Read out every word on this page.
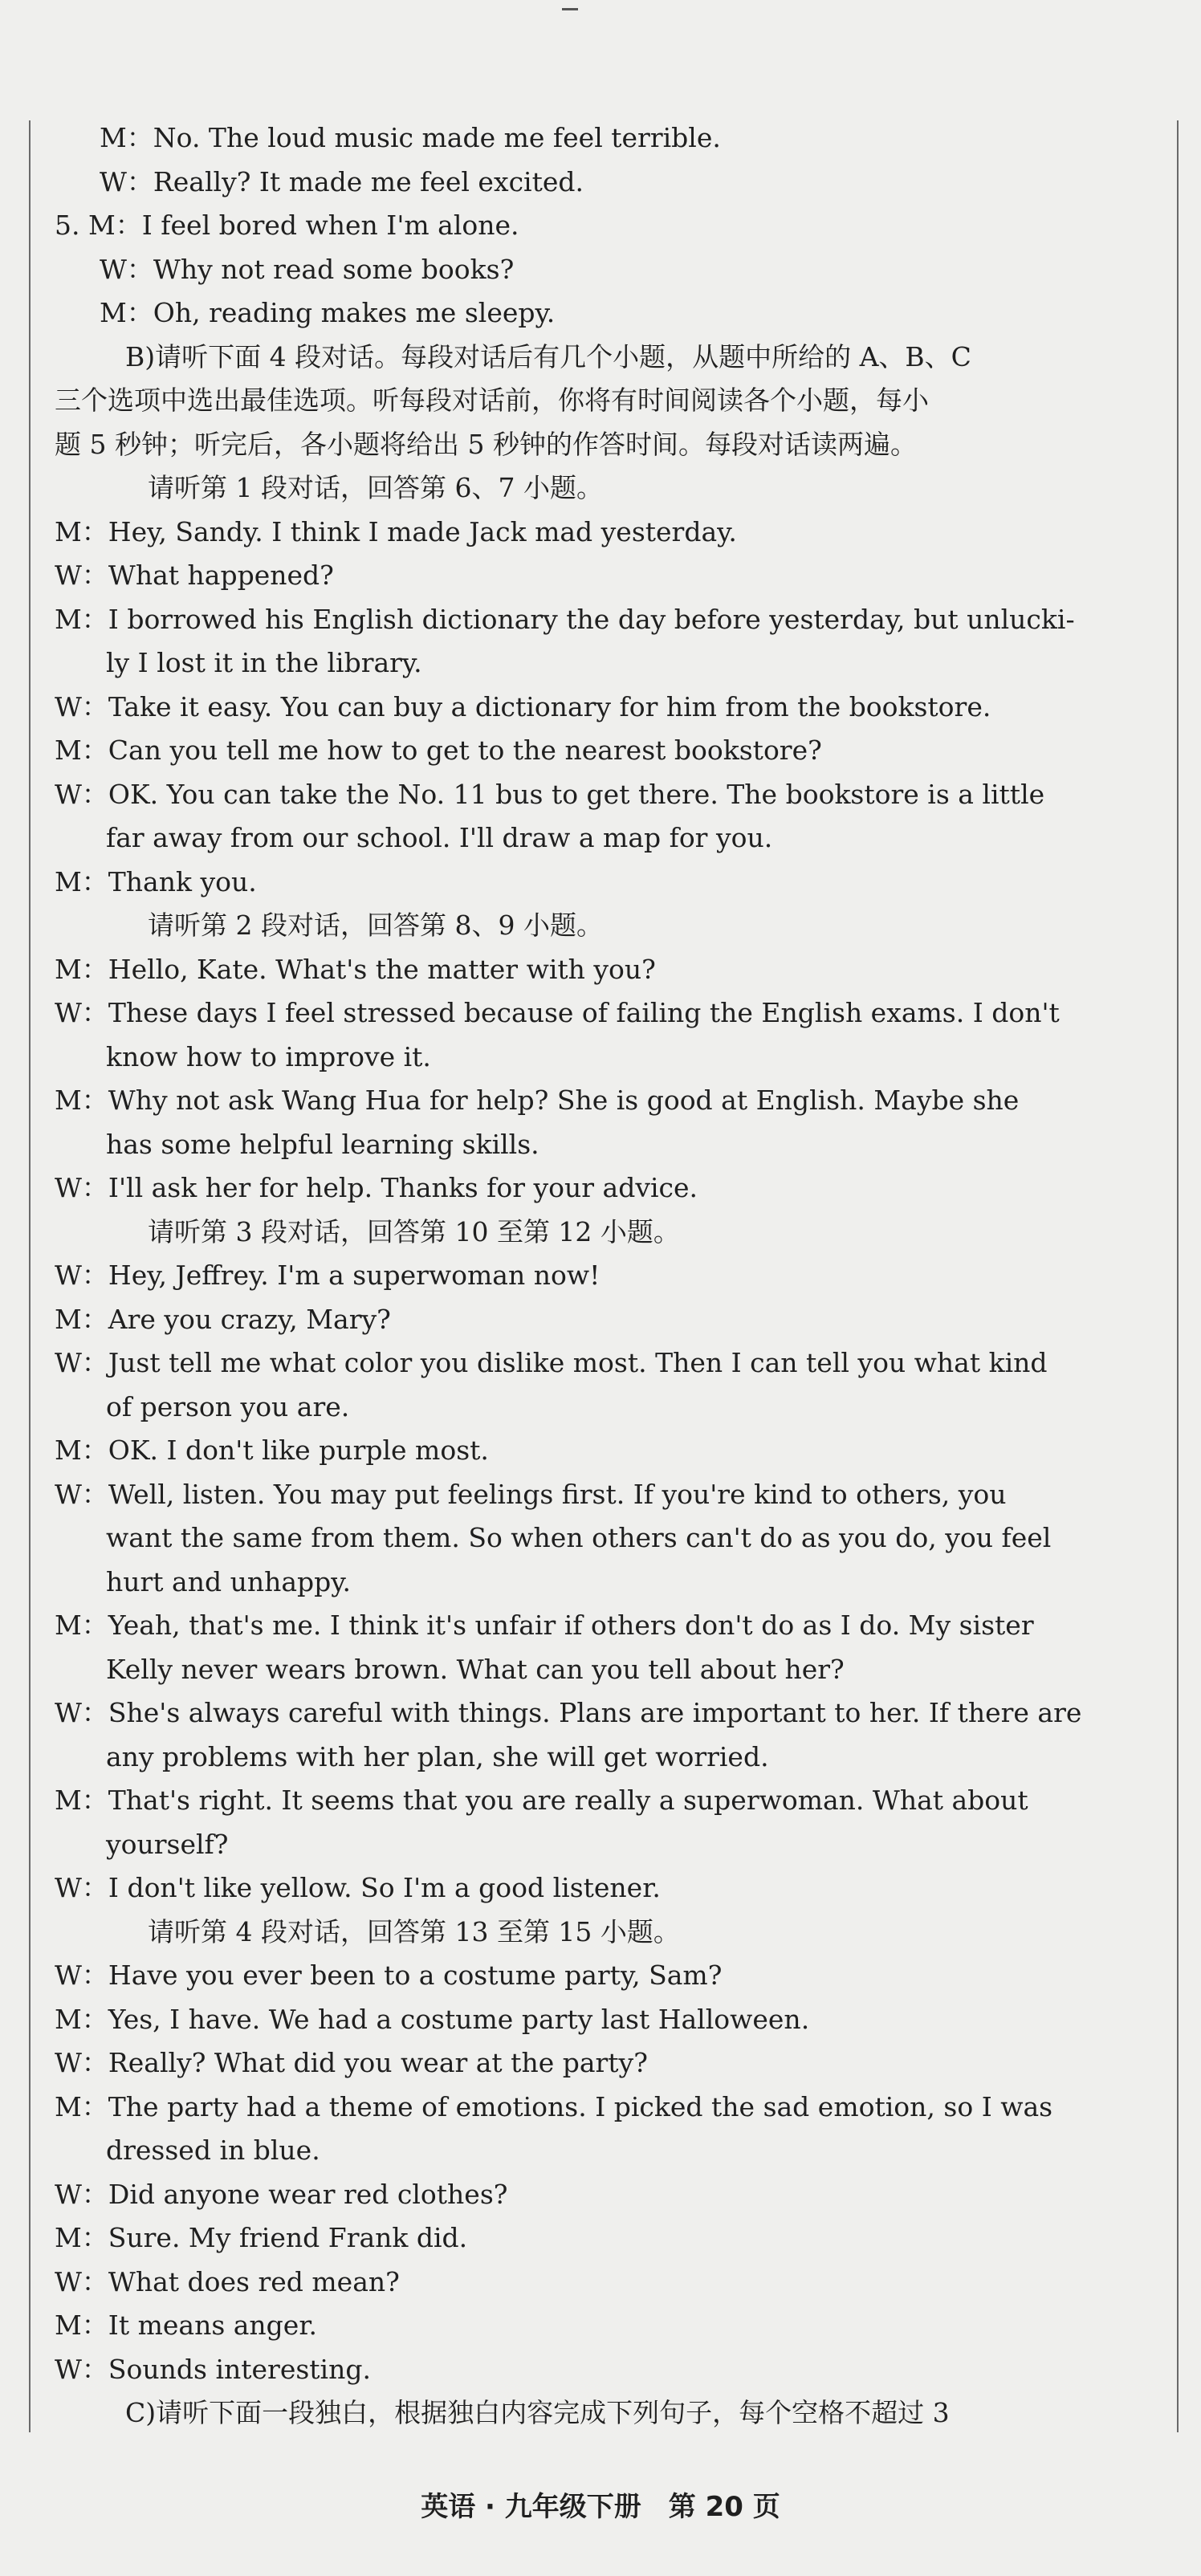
M：No. The loud music made me feel terrible.
W：Really? It made me feel excited.
5. M：I feel bored when I'm alone.
W：Why not read some books?
M：Oh, reading makes me sleepy.
B)请听下面 4 段对话。每段对话后有几个小题，从题中所给的 A、B、C
三个选项中选出最佳选项。听每段对话前，你将有时间阅读各个小题，每小
题 5 秒钟；听完后，各小题将给出 5 秒钟的作答时间。每段对话读两遍。
请听第 1 段对话，回答第 6、7 小题。
M：Hey, Sandy. I think I made Jack mad yesterday.
W：What happened?
M：I borrowed his English dictionary the day before yesterday, but unlucki-
ly I lost it in the library.
W：Take it easy. You can buy a dictionary for him from the bookstore.
M：Can you tell me how to get to the nearest bookstore?
W：OK. You can take the No. 11 bus to get there. The bookstore is a little
far away from our school. I'll draw a map for you.
M：Thank you.
请听第 2 段对话，回答第 8、9 小题。
M：Hello, Kate. What's the matter with you?
W：These days I feel stressed because of failing the English exams. I don't
know how to improve it.
M：Why not ask Wang Hua for help? She is good at English. Maybe she
has some helpful learning skills.
W：I'll ask her for help. Thanks for your advice.
请听第 3 段对话，回答第 10 至第 12 小题。
W：Hey, Jeffrey. I'm a superwoman now!
M：Are you crazy, Mary?
W：Just tell me what color you dislike most. Then I can tell you what kind
of person you are.
M：OK. I don't like purple most.
W：Well, listen. You may put feelings first. If you're kind to others, you
want the same from them. So when others can't do as you do, you feel
hurt and unhappy.
M：Yeah, that's me. I think it's unfair if others don't do as I do. My sister
Kelly never wears brown. What can you tell about her?
W：She's always careful with things. Plans are important to her. If there are
any problems with her plan, she will get worried.
M：That's right. It seems that you are really a superwoman. What about
yourself?
W：I don't like yellow. So I'm a good listener.
请听第 4 段对话，回答第 13 至第 15 小题。
W：Have you ever been to a costume party, Sam?
M：Yes, I have. We had a costume party last Halloween.
W：Really? What did you wear at the party?
M：The party had a theme of emotions. I picked the sad emotion, so I was
dressed in blue.
W：Did anyone wear red clothes?
M：Sure. My friend Frank did.
W：What does red mean?
M：It means anger.
W：Sounds interesting.
C)请听下面一段独白，根据独白内容完成下列句子，每个空格不超过 3
英语 · 九年级下册　第 20 页
